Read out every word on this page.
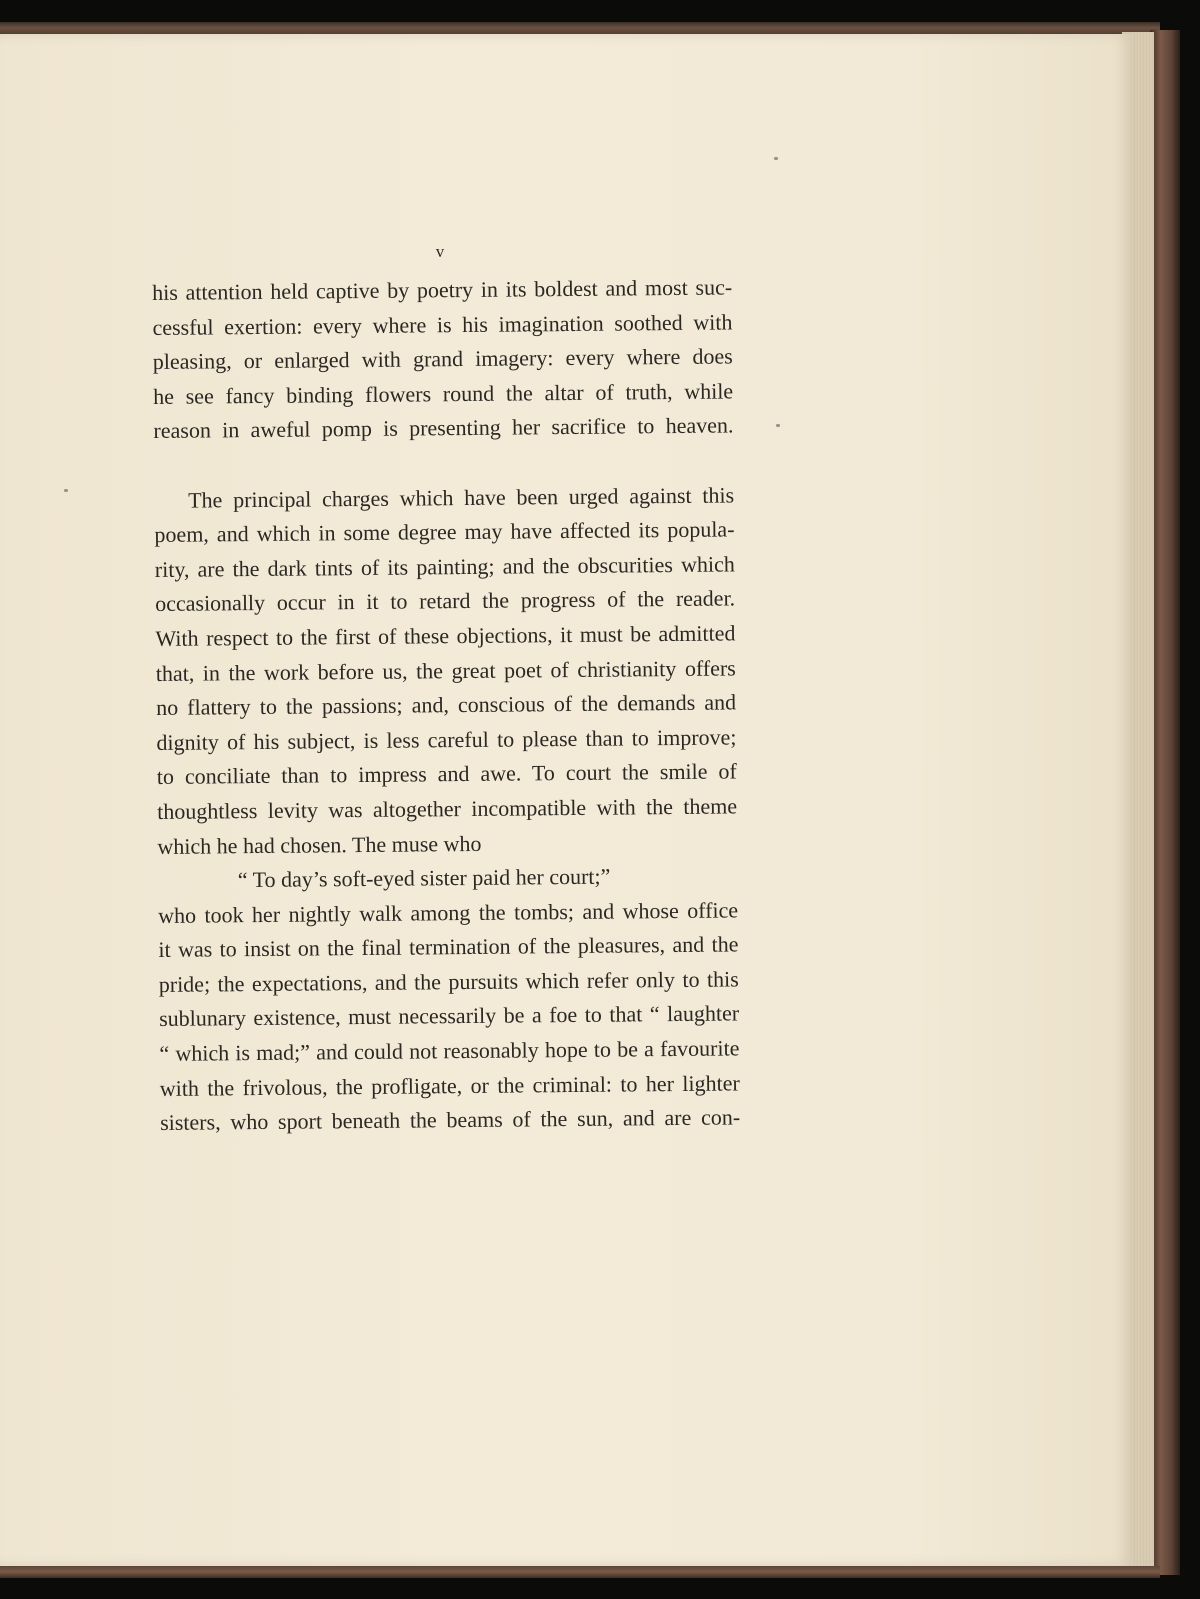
v
his attention held captive by poetry in its boldest and most suc-
cessful exertion: every where is his imagination soothed with
pleasing, or enlarged with grand imagery: every where does
he see fancy binding flowers round the altar of truth, while
reason in aweful pomp is presenting her sacrifice to heaven.
The principal charges which have been urged against this
poem, and which in some degree may have affected its popula-
rity, are the dark tints of its painting; and the obscurities which
occasionally occur in it to retard the progress of the reader.
With respect to the first of these objections, it must be admitted
that, in the work before us, the great poet of christianity offers
no flattery to the passions; and, conscious of the demands and
dignity of his subject, is less careful to please than to improve;
to conciliate than to impress and awe. To court the smile of
thoughtless levity was altogether incompatible with the theme
which he had chosen. The muse who
“ To day’s soft-eyed sister paid her court;”
who took her nightly walk among the tombs; and whose office
it was to insist on the final termination of the pleasures, and the
pride; the expectations, and the pursuits which refer only to this
sublunary existence, must necessarily be a foe to that “ laughter
“ which is mad;” and could not reasonably hope to be a favourite
with the frivolous, the profligate, or the criminal: to her lighter
sisters, who sport beneath the beams of the sun, and are con-
